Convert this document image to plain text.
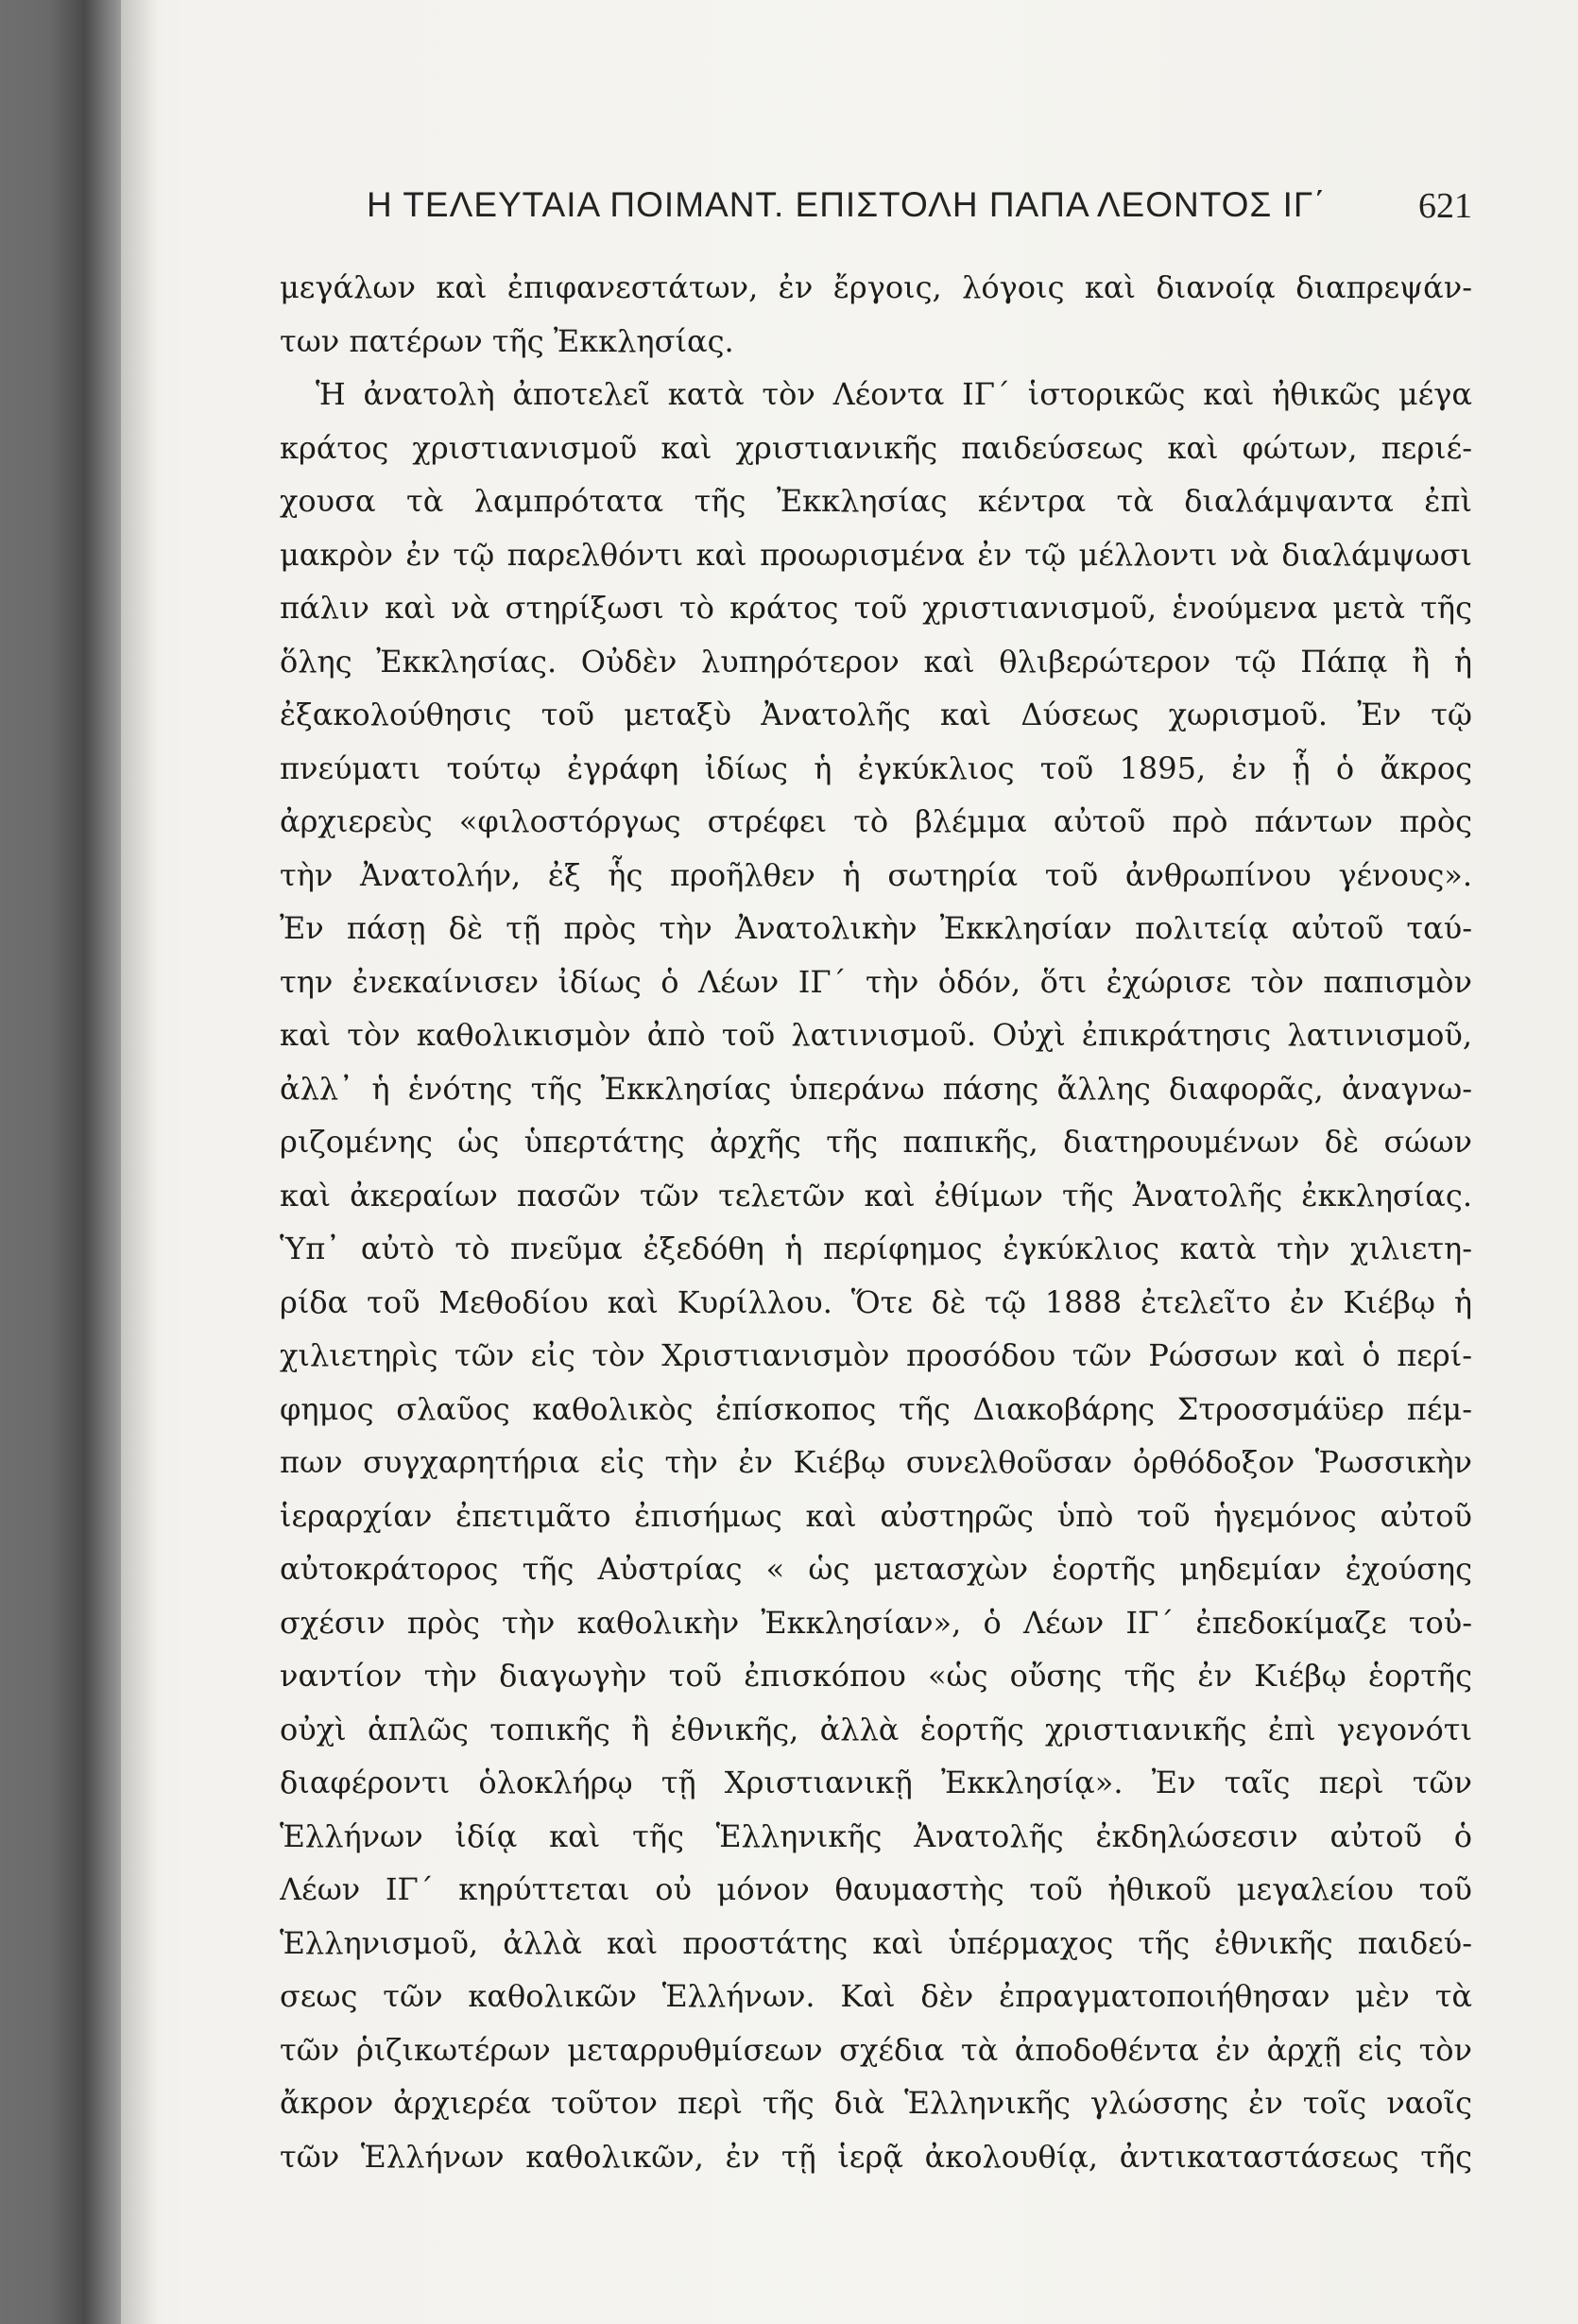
Η ΤΕΛΕΥΤΑΙΑ ΠΟΙΜΑΝΤ. ΕΠΙΣΤΟΛΗ ΠΑΠΑ ΛΕΟΝΤΟΣ ΙΓ΄	621
μεγάλων καὶ ἐπιφανεστάτων, ἐν ἔργοις, λόγοις καὶ διανοίᾳ διαπρεψάν-
των πατέρων τῆς Ἐκκλησίας.
Ἡ ἀνατολὴ ἀποτελεῖ κατὰ τὸν Λέοντα ΙΓ΄ ἱστορικῶς καὶ ἠθικῶς μέγα
κράτος χριστιανισμοῦ καὶ χριστιανικῆς παιδεύσεως καὶ φώτων, περιέ-
χουσα τὰ λαμπρότατα τῆς Ἐκκλησίας κέντρα τὰ διαλάμψαντα ἐπὶ
μακρὸν ἐν τῷ παρελθόντι καὶ προωρισμένα ἐν τῷ μέλλοντι νὰ διαλάμψωσι
πάλιν καὶ νὰ στηρίξωσι τὸ κράτος τοῦ χριστιανισμοῦ, ἑνούμενα μετὰ τῆς
ὅλης Ἐκκλησίας. Οὐδὲν λυπηρότερον καὶ θλιβερώτερον τῷ Πάπᾳ ἢ ἡ
ἐξακολούθησις τοῦ μεταξὺ Ἀνατολῆς καὶ Δύσεως χωρισμοῦ. Ἐν τῷ
πνεύματι τούτῳ ἐγράφη ἰδίως ἡ ἐγκύκλιος τοῦ 1895, ἐν ᾗ ὁ ἄκρος
ἀρχιερεὺς «φιλοστόργως στρέφει τὸ βλέμμα αὐτοῦ πρὸ πάντων πρὸς
τὴν Ἀνατολήν, ἐξ ἧς προῆλθεν ἡ σωτηρία τοῦ ἀνθρωπίνου γένους».
Ἐν πάσῃ δὲ τῇ πρὸς τὴν Ἀνατολικὴν Ἐκκλησίαν πολιτείᾳ αὐτοῦ ταύ-
την ἐνεκαίνισεν ἰδίως ὁ Λέων ΙΓ΄ τὴν ὁδόν, ὅτι ἐχώρισε τὸν παπισμὸν
καὶ τὸν καθολικισμὸν ἀπὸ τοῦ λατινισμοῦ. Οὐχὶ ἐπικράτησις λατινισμοῦ,
ἀλλ᾽ ἡ ἑνότης τῆς Ἐκκλησίας ὑπεράνω πάσης ἄλλης διαφορᾶς, ἀναγνω-
ριζομένης ὡς ὑπερτάτης ἀρχῆς τῆς παπικῆς, διατηρουμένων δὲ σώων
καὶ ἀκεραίων πασῶν τῶν τελετῶν καὶ ἐθίμων τῆς Ἀνατολῆς ἐκκλησίας.
Ὑπ᾽ αὐτὸ τὸ πνεῦμα ἐξεδόθη ἡ περίφημος ἐγκύκλιος κατὰ τὴν χιλιετη-
ρίδα τοῦ Μεθοδίου καὶ Κυρίλλου. Ὅτε δὲ τῷ 1888 ἐτελεῖτο ἐν Κιέβῳ ἡ
χιλιετηρὶς τῶν εἰς τὸν Χριστιανισμὸν προσόδου τῶν Ρώσσων καὶ ὁ περί-
φημος σλαῦος καθολικὸς ἐπίσκοπος τῆς Διακοβάρης Στροσσμάϋερ πέμ-
πων συγχαρητήρια εἰς τὴν ἐν Κιέβῳ συνελθοῦσαν ὀρθόδοξον Ῥωσσικὴν
ἱεραρχίαν ἐπετιμᾶτο ἐπισήμως καὶ αὐστηρῶς ὑπὸ τοῦ ἡγεμόνος αὐτοῦ
αὐτοκράτορος τῆς Αὐστρίας « ὡς μετασχὼν ἑορτῆς μηδεμίαν ἐχούσης
σχέσιν πρὸς τὴν καθολικὴν Ἐκκλησίαν», ὁ Λέων ΙΓ΄ ἐπεδοκίμαζε τοὐ-
ναντίον τὴν διαγωγὴν τοῦ ἐπισκόπου «ὡς οὔσης τῆς ἐν Κιέβῳ ἑορτῆς
οὐχὶ ἁπλῶς τοπικῆς ἢ ἐθνικῆς, ἀλλὰ ἑορτῆς χριστιανικῆς ἐπὶ γεγονότι
διαφέροντι ὁλοκλήρῳ τῇ Χριστιανικῇ Ἐκκλησίᾳ». Ἐν ταῖς περὶ τῶν
Ἑλλήνων ἰδίᾳ καὶ τῆς Ἑλληνικῆς Ἀνατολῆς ἐκδηλώσεσιν αὐτοῦ ὁ
Λέων ΙΓ΄ κηρύττεται οὐ μόνον θαυμαστὴς τοῦ ἠθικοῦ μεγαλείου τοῦ
Ἑλληνισμοῦ, ἀλλὰ καὶ προστάτης καὶ ὑπέρμαχος τῆς ἐθνικῆς παιδεύ-
σεως τῶν καθολικῶν Ἑλλήνων. Καὶ δὲν ἐπραγματοποιήθησαν μὲν τὰ
τῶν ῥιζικωτέρων μεταρρυθμίσεων σχέδια τὰ ἀποδοθέντα ἐν ἀρχῇ εἰς τὸν
ἄκρον ἀρχιερέα τοῦτον περὶ τῆς διὰ Ἑλληνικῆς γλώσσης ἐν τοῖς ναοῖς
τῶν Ἑλλήνων καθολικῶν, ἐν τῇ ἱερᾷ ἀκολουθίᾳ, ἀντικαταστάσεως τῆς
